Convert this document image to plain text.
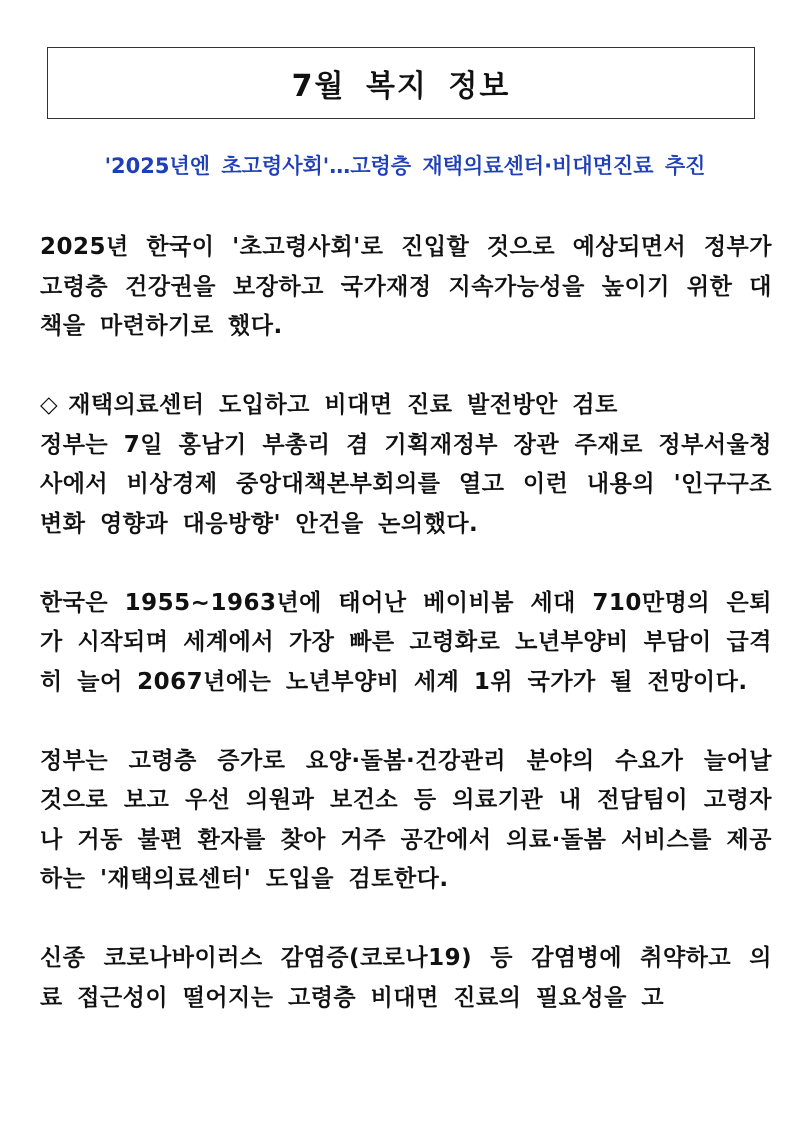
7월 복지 정보
'2025년엔 초고령사회'…고령층 재택의료센터·비대면진료 추진

2025년 한국이 '초고령사회'로 진입할 것으로 예상되면서 정부가 고령층 건강권을 보장하고 국가재정 지속가능성을 높이기 위한 대책을 마련하기로 했다.

◇ 재택의료센터 도입하고 비대면 진료 발전방안 검토

정부는 7일 홍남기 부총리 겸 기획재정부 장관 주재로 정부서울청사에서 비상경제 중앙대책본부회의를 열고 이런 내용의 '인구구조 변화 영향과 대응방향' 안건을 논의했다.

한국은 1955~1963년에 태어난 베이비붐 세대 710만명의 은퇴가 시작되며 세계에서 가장 빠른 고령화로 노년부양비 부담이 급격히 늘어 2067년에는 노년부양비 세계 1위 국가가 될 전망이다.

정부는 고령층 증가로 요양·돌봄·건강관리 분야의 수요가 늘어날 것으로 보고 우선 의원과 보건소 등 의료기관 내 전담팀이 고령자나 거동 불편 환자를 찾아 거주 공간에서 의료·돌봄 서비스를 제공하는 '재택의료센터' 도입을 검토한다.

신종 코로나바이러스 감염증(코로나19) 등 감염병에 취약하고 의료 접근성이 떨어지는 고령층 비대면 진료의 필요성을 고
